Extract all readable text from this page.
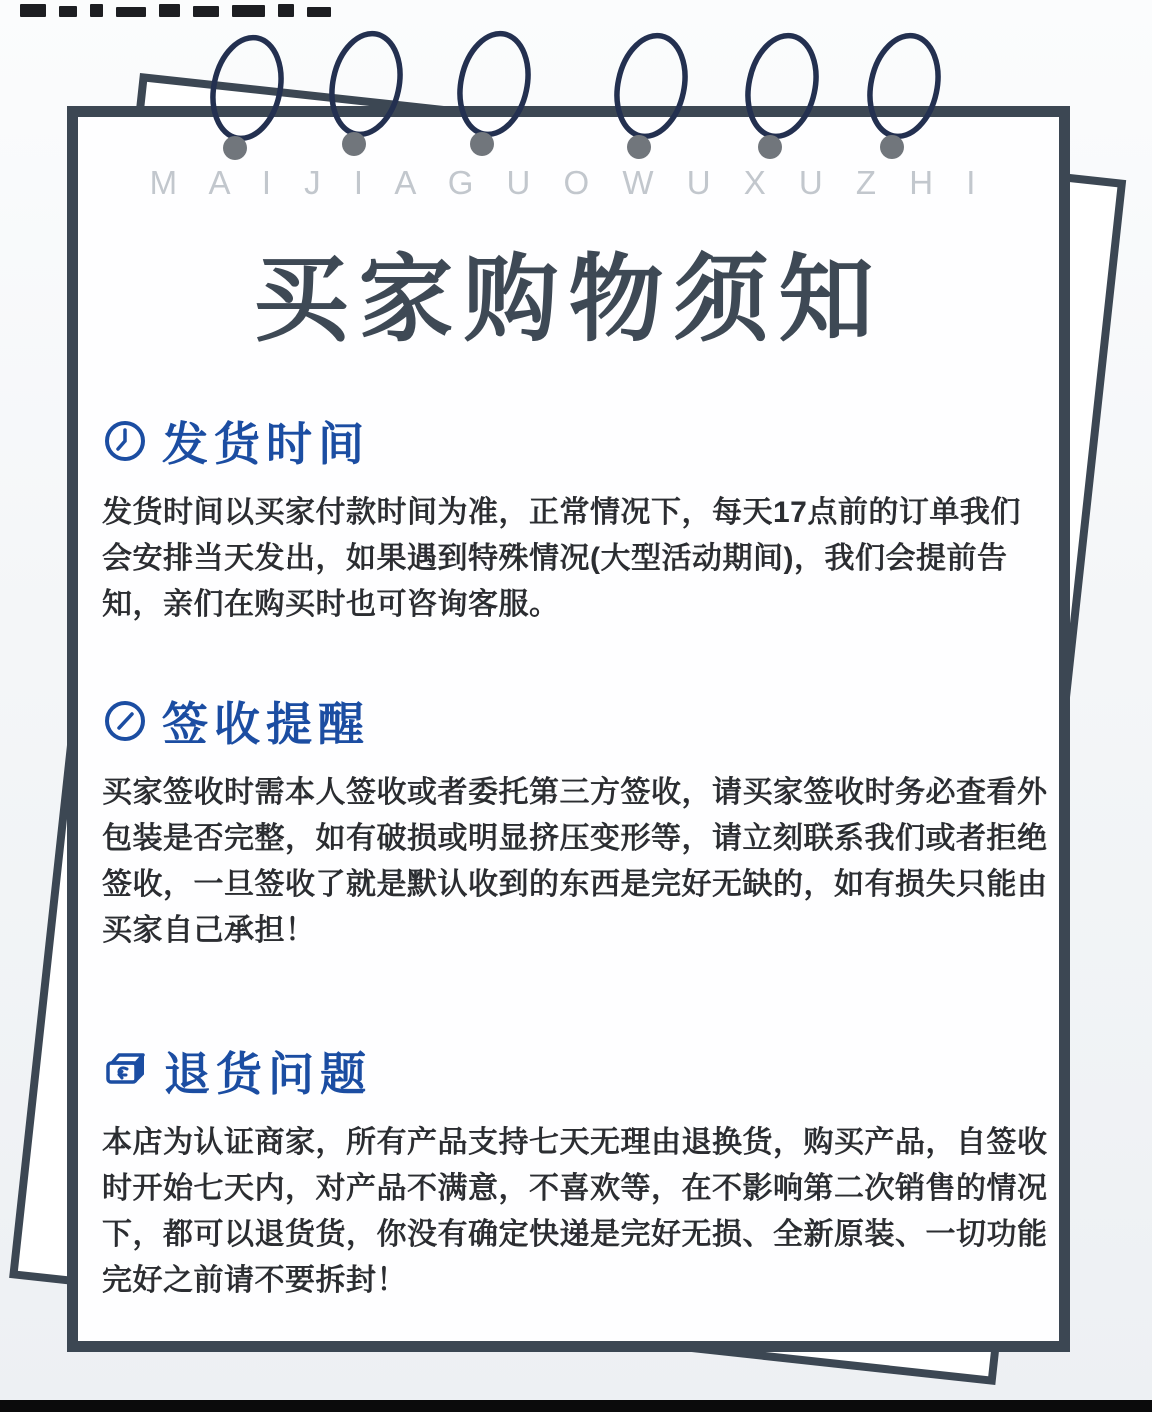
M A I J I A G U O W U X U Z H I
买家购物须知
发货时间
发货时间以买家付款时间为准，正常情况下，每天17点前的订单我们会安排当天发出，如果遇到特殊情况(大型活动期间)，我们会提前告知，亲们在购买时也可咨询客服。
签收提醒
买家签收时需本人签收或者委托第三方签收，请买家签收时务必查看外包装是否完整，如有破损或明显挤压变形等，请立刻联系我们或者拒绝签收，一旦签收了就是默认收到的东西是完好无缺的，如有损失只能由买家自己承担！
退货问题
本店为认证商家，所有产品支持七天无理由退换货，购买产品，自签收时开始七天内，对产品不满意，不喜欢等，在不影响第二次销售的情况下，都可以退货货，你没有确定快递是完好无损、全新原装、一切功能完好之前请不要拆封！
